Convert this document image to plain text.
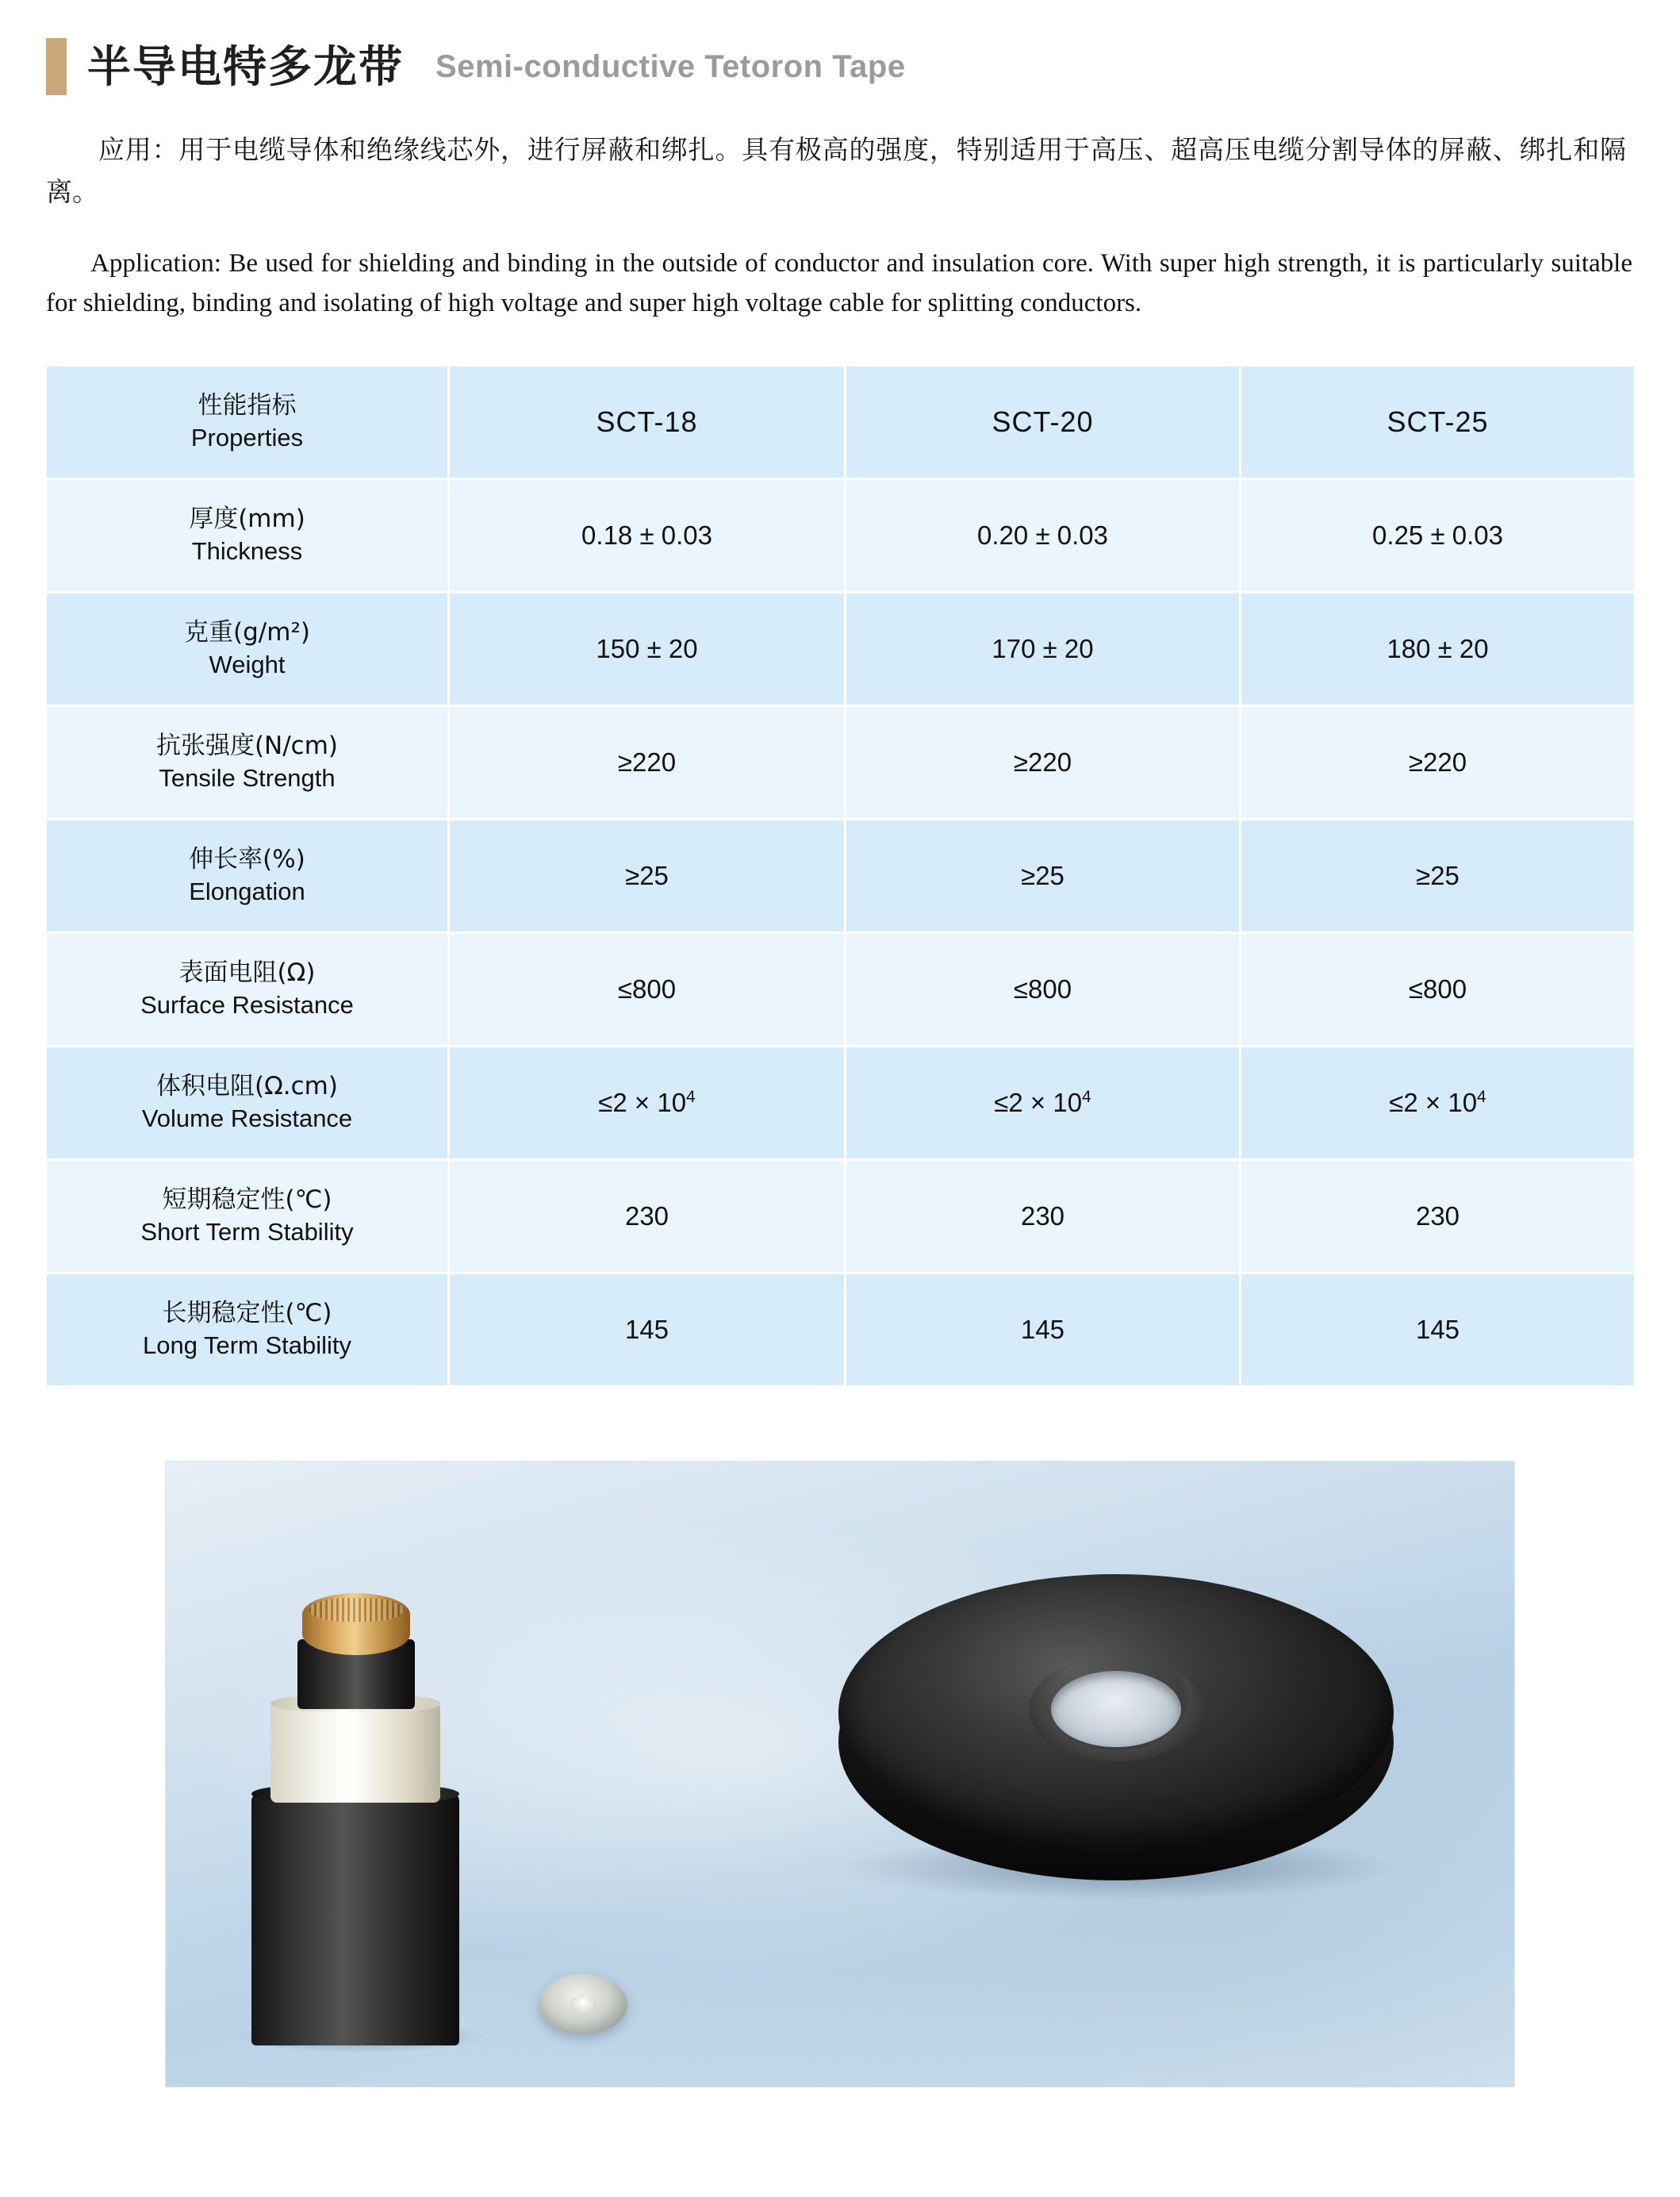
半导电特多龙带 Semi-conductive Tetoron Tape

应用：用于电缆导体和绝缘线芯外，进行屏蔽和绑扎。具有极高的强度，特别适用于高压、超高压电缆分割导体的屏蔽、绑扎和隔离。

Application: Be used for shielding and binding in the outside of conductor and insulation core. With super high strength, it is particularly suitable for shielding, binding and isolating of high voltage and super high voltage cable for splitting conductors.

性能指标
Properties	SCT-18	SCT-20	SCT-25

厚度(mm)
Thickness	0.18 ± 0.03	0.20 ± 0.03	0.25 ± 0.03

克重(g/m²)
Weight	150 ± 20	170 ± 20	180 ± 20

抗张强度(N/cm)
Tensile Strength	≥220	≥220	≥220

伸长率(%)
Elongation	≥25	≥25	≥25

表面电阻(Ω)
Surface Resistance	≤800	≤800	≤800

体积电阻(Ω.cm)
Volume Resistance	$\le 2 \times 10^4$	$\le 2 \times 10^4$	$\le 2 \times 10^4$

短期稳定性(℃)
Short Term Stability	230	230	230

长期稳定性(℃)
Long Term Stability	145	145	145
